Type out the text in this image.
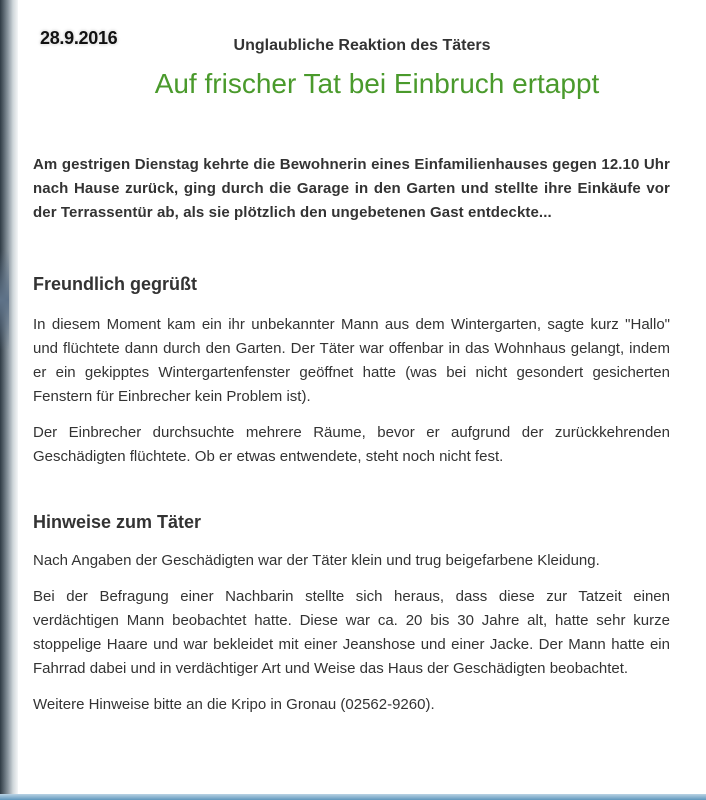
28.9.2016	Unglaubliche Reaktion des Täters
Auf frischer Tat bei Einbruch ertappt

Am gestrigen Dienstag kehrte die Bewohnerin eines Einfamilienhauses gegen 12.10 Uhr nach Hause zurück, ging durch die Garage in den Garten und stellte ihre Einkäufe vor der Terrassentür ab, als sie plötzlich den ungebetenen Gast entdeckte...

Freundlich gegrüßt

In diesem Moment kam ein ihr unbekannter Mann aus dem Wintergarten, sagte kurz "Hallo" und flüchtete dann durch den Garten. Der Täter war offenbar in das Wohnhaus gelangt, indem er ein gekipptes Wintergartenfenster geöffnet hatte (was bei nicht gesondert gesicherten Fenstern für Einbrecher kein Problem ist).

Der Einbrecher durchsuchte mehrere Räume, bevor er aufgrund der zurückkehrenden Geschädigten flüchtete. Ob er etwas entwendete, steht noch nicht fest.

Hinweise zum Täter

Nach Angaben der Geschädigten war der Täter klein und trug beigefarbene Kleidung.

Bei der Befragung einer Nachbarin stellte sich heraus, dass diese zur Tatzeit einen verdächtigen Mann beobachtet hatte. Diese war ca. 20 bis 30 Jahre alt, hatte sehr kurze stoppelige Haare und war bekleidet mit einer Jeanshose und einer Jacke. Der Mann hatte ein Fahrrad dabei und in verdächtiger Art und Weise das Haus der Geschädigten beobachtet.

Weitere Hinweise bitte an die Kripo in Gronau (02562-9260).
